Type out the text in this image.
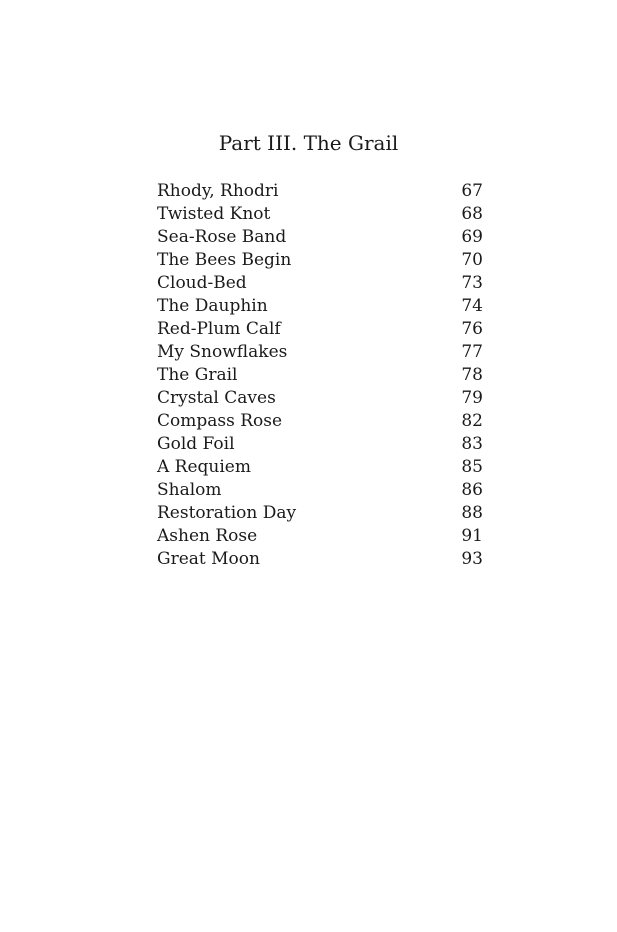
Part III. The Grail
Rhody, Rhodri	67
Twisted Knot	68
Sea-Rose Band	69
The Bees Begin	70
Cloud-Bed	73
The Dauphin	74
Red-Plum Calf	76
My Snowflakes	77
The Grail	78
Crystal Caves	79
Compass Rose	82
Gold Foil	83
A Requiem	85
Shalom	86
Restoration Day	88
Ashen Rose	91
Great Moon	93
